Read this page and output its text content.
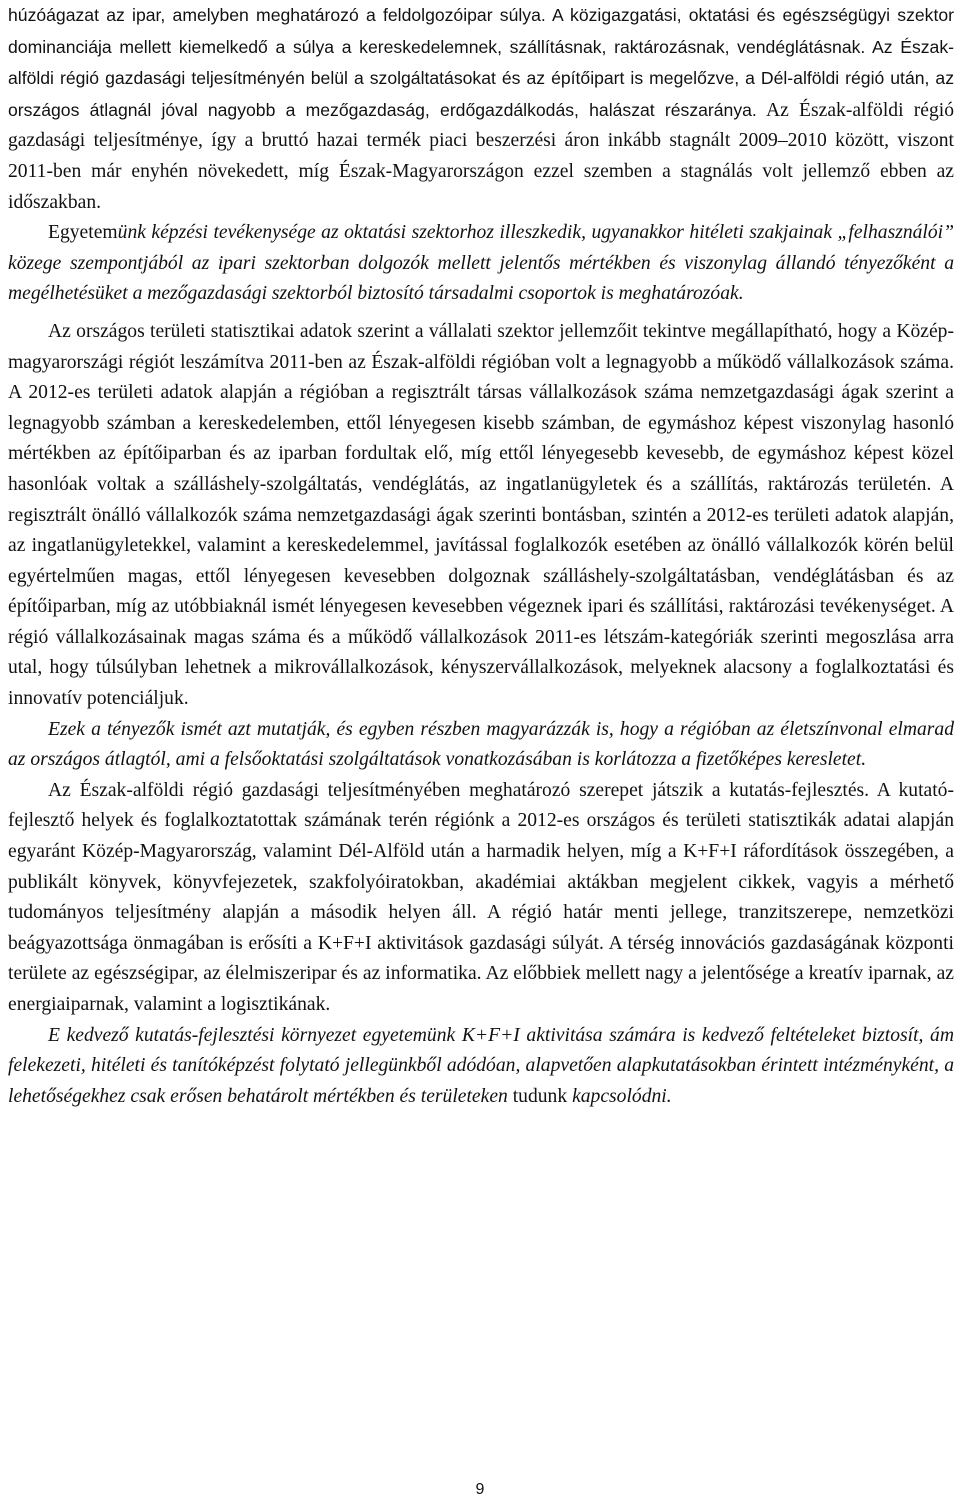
húzóágazat az ipar, amelyben meghatározó a feldolgozóipar súlya. A közigazgatási, oktatási és egészségügyi szektor dominanciája mellett kiemelkedő a súlya a kereskedelemnek, szállításnak, raktározásnak, vendéglátásnak. Az Észak-alföldi régió gazdasági teljesítményén belül a szolgáltatásokat és az építőipart is megelőzve, a Dél-alföldi régió után, az országos átlagnál jóval nagyobb a mezőgazdaság, erdőgazdálkodás, halászat részaránya. Az Észak-alföldi régió gazdasági teljesítménye, így a bruttó hazai termék piaci beszerzési áron inkább stagnált 2009–2010 között, viszont 2011-ben már enyhén növekedett, míg Észak-Magyarországon ezzel szemben a stagnálás volt jellemző ebben az időszakban.

Egyetemünk képzési tevékenysége az oktatási szektorhoz illeszkedik, ugyanakkor hitéleti szakjainak „felhasználói” közege szempontjából az ipari szektorban dolgozók mellett jelentős mértékben és viszonylag állandó tényezőként a megélhetésüket a mezőgazdasági szektorból biztosító társadalmi csoportok is meghatározóak.

Az országos területi statisztikai adatok szerint a vállalati szektor jellemzőit tekintve megállapítható, hogy a Közép-magyarországi régiót leszámítva 2011-ben az Észak-alföldi régióban volt a legnagyobb a működő vállalkozások száma. A 2012-es területi adatok alapján a régióban a regisztrált társas vállalkozások száma nemzetgazdasági ágak szerint a legnagyobb számban a kereskedelemben, ettől lényegesen kisebb számban, de egymáshoz képest viszonylag hasonló mértékben az építőiparban és az iparban fordultak elő, míg ettől lényegesebb kevesebb, de egymáshoz képest közel hasonlóak voltak a szálláshely-szolgáltatás, vendéglátás, az ingatlanügyletek és a szállítás, raktározás területén. A regisztrált önálló vállalkozók száma nemzetgazdasági ágak szerinti bontásban, szintén a 2012-es területi adatok alapján, az ingatlanügyletekkel, valamint a kereskedelemmel, javítással foglalkozók esetében az önálló vállalkozók körén belül egyértelműen magas, ettől lényegesen kevesebben dolgoznak szálláshely-szolgáltatásban, vendéglátásban és az építőiparban, míg az utóbbiaknál ismét lényegesen kevesebben végeznek ipari és szállítási, raktározási tevékenységet. A régió vállalkozásainak magas száma és a működő vállalkozások 2011-es létszám-kategóriák szerinti megoszlása arra utal, hogy túlsúlyban lehetnek a mikrovállalkozások, kényszervállalkozások, melyeknek alacsony a foglalkoztatási és innovatív potenciáljuk.

Ezek a tényezők ismét azt mutatják, és egyben részben magyarázzák is, hogy a régióban az életszínvonal elmarad az országos átlagtól, ami a felsőoktatási szolgáltatások vonatkozásában is korlátozza a fizetőképes keresletet.

Az Észak-alföldi régió gazdasági teljesítményében meghatározó szerepet játszik a kutatás-fejlesztés. A kutató-fejlesztő helyek és foglalkoztatottak számának terén régiónk a 2012-es országos és területi statisztikák adatai alapján egyaránt Közép-Magyarország, valamint Dél-Alföld után a harmadik helyen, míg a K+F+I ráfordítások összegében, a publikált könyvek, könyvfejezetek, szakfolyóiratokban, akadémiai aktákban megjelent cikkek, vagyis a mérhető tudományos teljesítmény alapján a második helyen áll. A régió határ menti jellege, tranzitszerepe, nemzetközi beágyazottsága önmagában is erősíti a K+F+I aktivitások gazdasági súlyát. A térség innovációs gazdaságának központi területe az egészségipar, az élelmiszeripar és az informatika. Az előbbiek mellett nagy a jelentősége a kreatív iparnak, az energiaiparnak, valamint a logisztikának.

E kedvező kutatás-fejlesztési környezet egyetemünk K+F+I aktivitása számára is kedvező feltételeket biztosít, ám felekezeti, hitéleti és tanítóképzést folytató jellegünkből adódóan, alapvetően alapkutatásokban érintett intézményként, a lehetőségekhez csak erősen behatárolt mértékben és területeken tudunk kapcsolódni.

9
